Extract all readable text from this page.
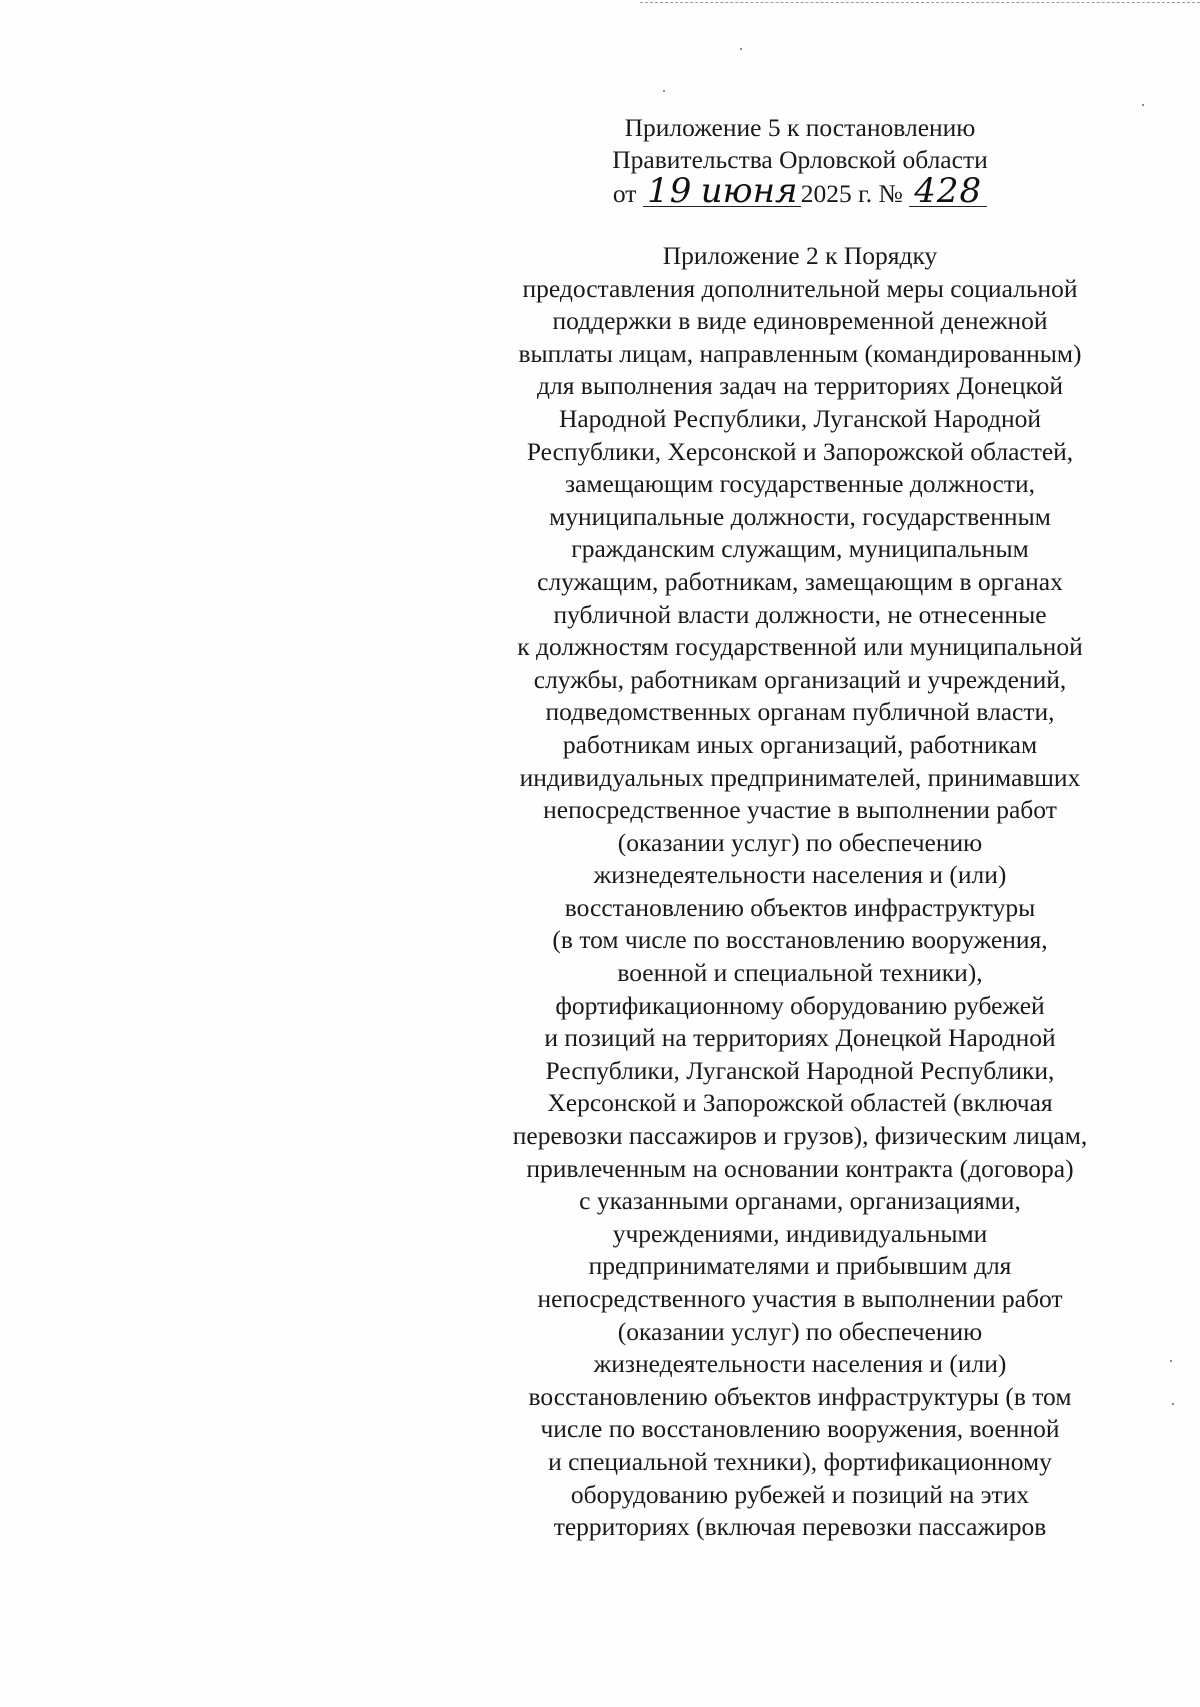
Приложение 5 к постановлению
Правительства Орловской области
от 19 июня 2025 г. № 428
Приложение 2 к Порядку
предоставления дополнительной меры социальной
поддержки в виде единовременной денежной
выплаты лицам, направленным (командированным)
для выполнения задач на территориях Донецкой
Народной Республики, Луганской Народной
Республики, Херсонской и Запорожской областей,
замещающим государственные должности,
муниципальные должности, государственным
гражданским служащим, муниципальным
служащим, работникам, замещающим в органах
публичной власти должности, не отнесенные
к должностям государственной или муниципальной
службы, работникам организаций и учреждений,
подведомственных органам публичной власти,
работникам иных организаций, работникам
индивидуальных предпринимателей, принимавших
непосредственное участие в выполнении работ
(оказании услуг) по обеспечению
жизнедеятельности населения и (или)
восстановлению объектов инфраструктуры
(в том числе по восстановлению вооружения,
военной и специальной техники),
фортификационному оборудованию рубежей
и позиций на территориях Донецкой Народной
Республики, Луганской Народной Республики,
Херсонской и Запорожской областей (включая
перевозки пассажиров и грузов), физическим лицам,
привлеченным на основании контракта (договора)
с указанными органами, организациями,
учреждениями, индивидуальными
предпринимателями и прибывшим для
непосредственного участия в выполнении работ
(оказании услуг) по обеспечению
жизнедеятельности населения и (или)
восстановлению объектов инфраструктуры (в том
числе по восстановлению вооружения, военной
и специальной техники), фортификационному
оборудованию рубежей и позиций на этих
территориях (включая перевозки пассажиров
